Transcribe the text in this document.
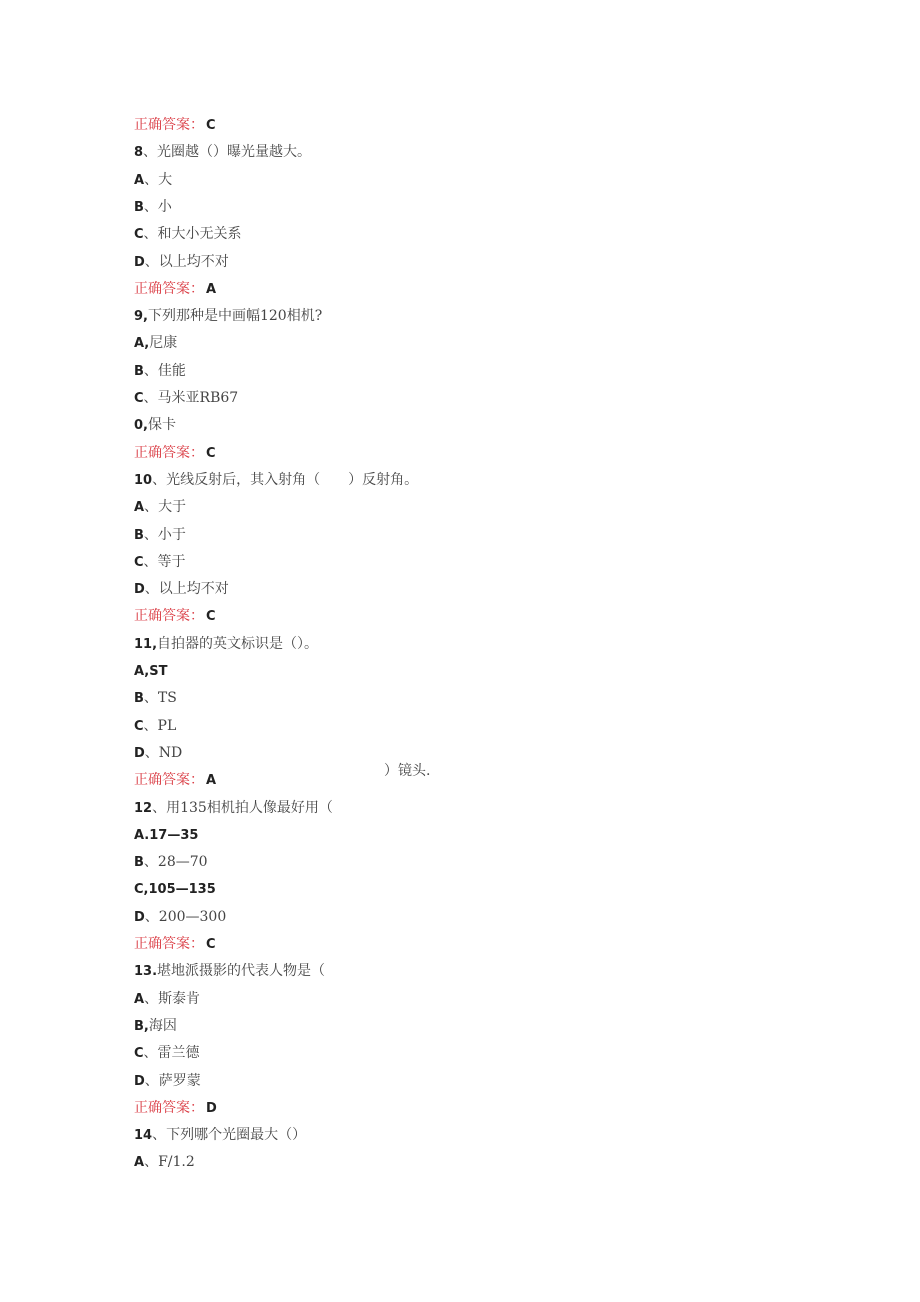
正确答案： C
8、光圈越（）曝光量越大。
A、大
B、小
C、和大小无关系
D、以上均不对
正确答案： A
9,下列那种是中画幅120相机?
A,尼康
B、佳能
C、马米亚RB67
0,保卡
正确答案： C
10、光线反射后，其入射角（　　）反射角。
A、大于
B、小于
C、等于
D、以上均不对
正确答案： C
11,自拍器的英文标识是（）。
A,ST
B、TS
C、PL
D、ND
正确答案： A
12、用135相机拍人像最好用（
A.17—35
B、28—70
C,105—135
D、200—300
正确答案： C
13.堪地派摄影的代表人物是（
A、斯泰肯
B,海因
C、雷兰德
D、萨罗蒙
正确答案： D
14、下列哪个光圈最大（）
A、F/1.2
）镜头.
